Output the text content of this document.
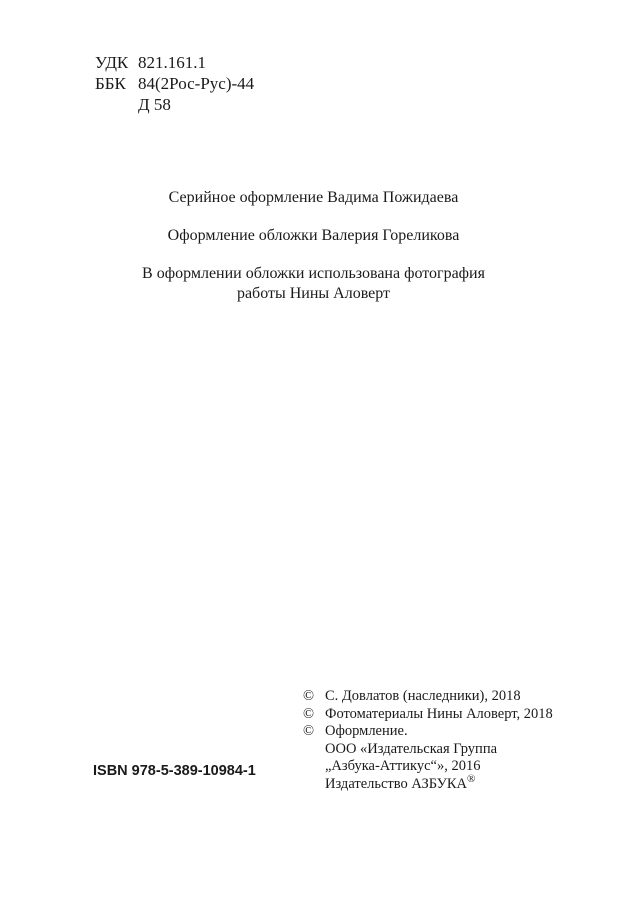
УДК 821.161.1
ББК 84(2Рос-Рус)-44
Д 58

Серийное оформление Вадима Пожидаева

Оформление обложки Валерия Гореликова

В оформлении обложки использована фотография
работы Нины Аловерт

© С. Довлатов (наследники), 2018
© Фотоматериалы Нины Аловерт, 2018
© Оформление.
ООО «Издательская Группа
„Азбука-Аттикус“», 2016
Издательство АЗБУКА®
ISBN 978-5-389-10984-1
